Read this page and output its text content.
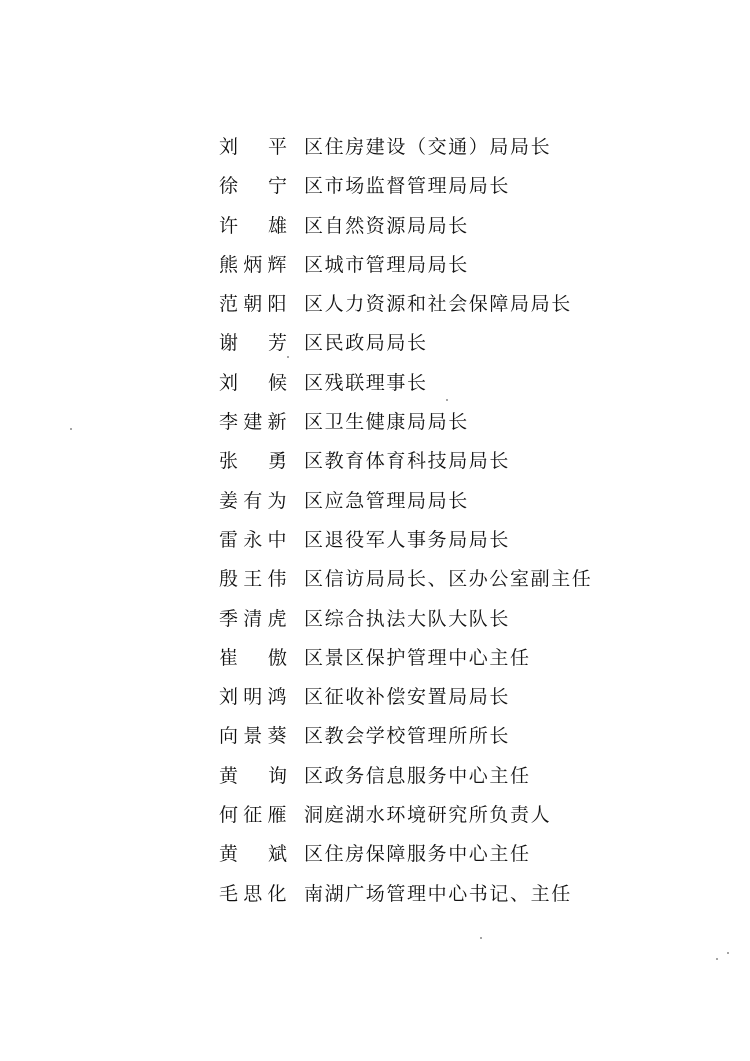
刘 平 区住房建设（交通）局局长
徐 宁 区市场监督管理局局长
许 雄 区自然资源局局长
熊 炳 辉 区城市管理局局长
范 朝 阳 区人力资源和社会保障局局长
谢 芳 区民政局局长
刘 候 区残联理事长
李 建 新 区卫生健康局局长
张 勇 区教育体育科技局局长
姜 有 为 区应急管理局局长
雷 永 中 区退役军人事务局局长
殷 王 伟 区信访局局长、区办公室副主任
季 清 虎 区综合执法大队大队长
崔 傲 区景区保护管理中心主任
刘 明 鸿 区征收补偿安置局局长
向 景 葵 区教会学校管理所所长
黄 询 区政务信息服务中心主任
何 征 雁 洞庭湖水环境研究所负责人
黄 斌 区住房保障服务中心主任
毛 思 化 南湖广场管理中心书记、主任
